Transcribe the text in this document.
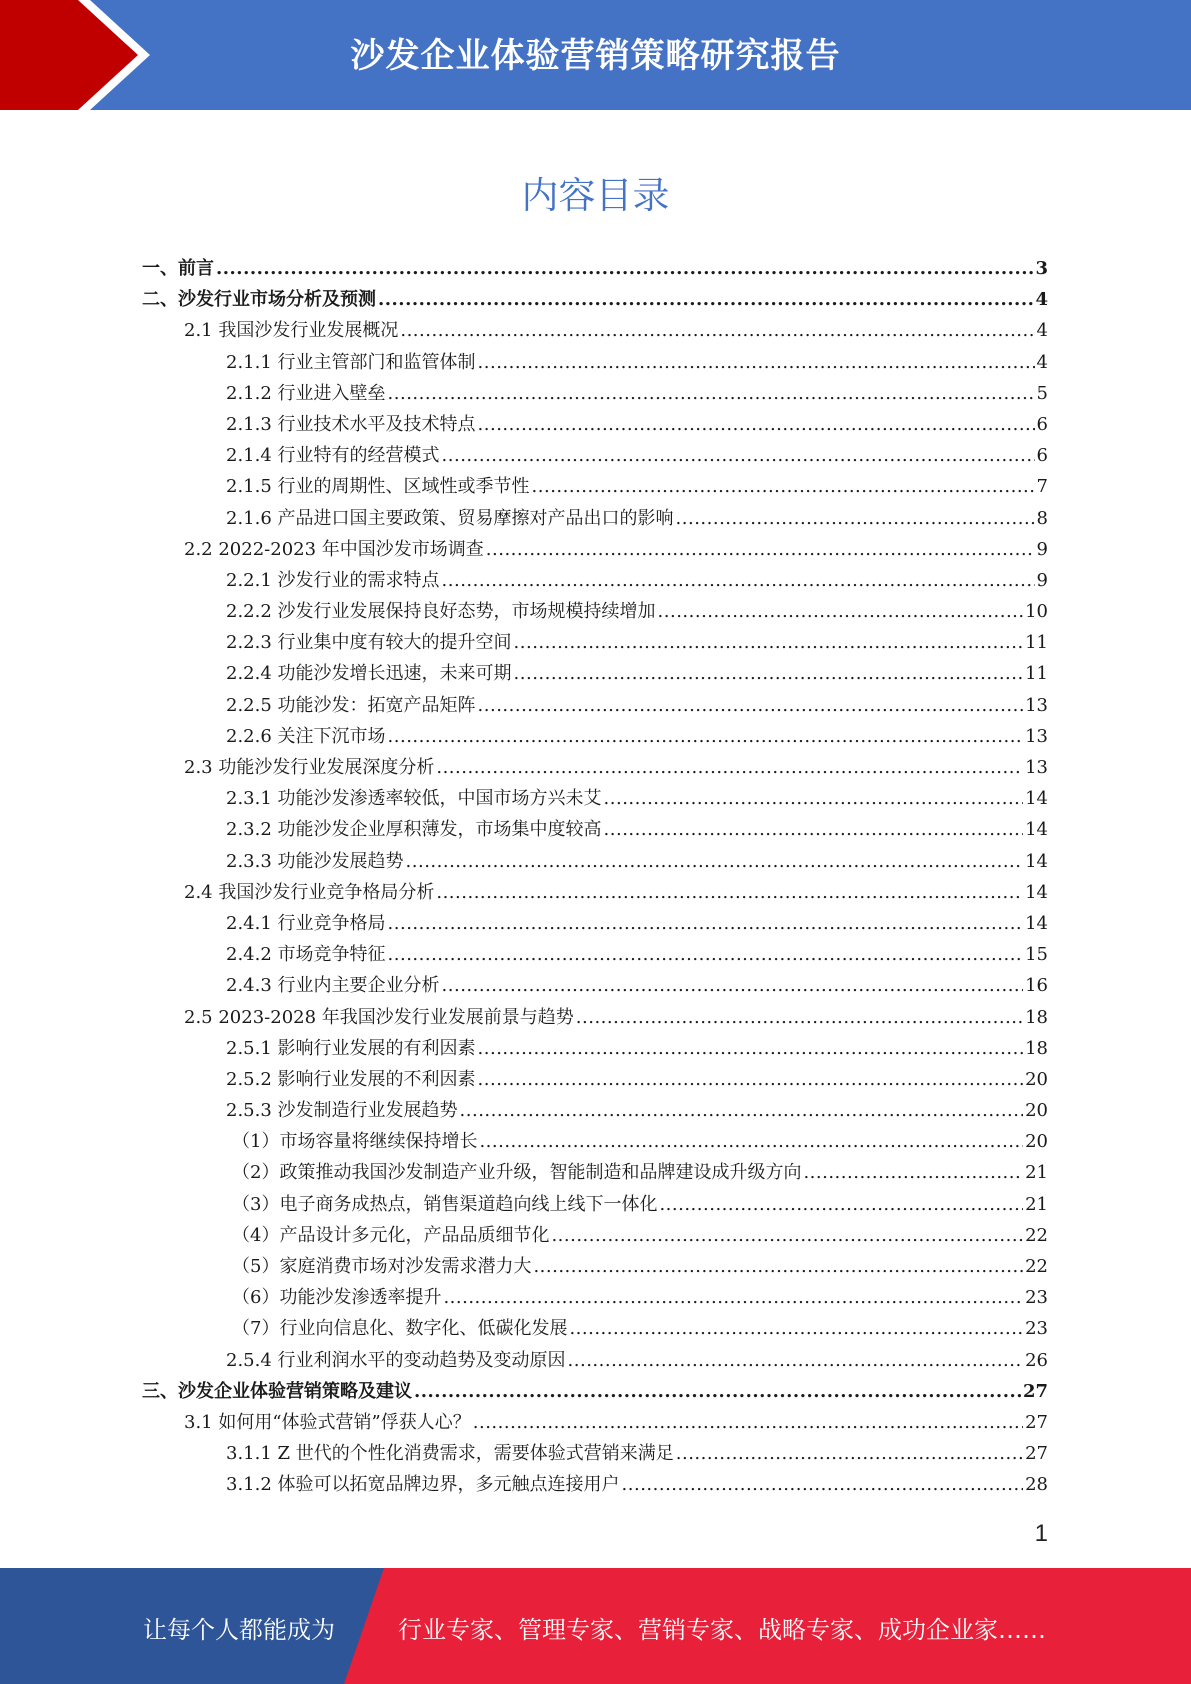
沙发企业体验营销策略研究报告
内容目录
一、前言 .....	3
二、沙发行业市场分析及预测 .....	4
2.1 我国沙发行业发展概况 .....	4
2.1.1 行业主管部门和监管体制 .....	4
2.1.2 行业进入壁垒 .....	5
2.1.3 行业技术水平及技术特点 .....	6
2.1.4 行业特有的经营模式 .....	6
2.1.5 行业的周期性、区域性或季节性 .....	7
2.1.6 产品进口国主要政策、贸易摩擦对产品出口的影响 .....	8
2.2 2022-2023 年中国沙发市场调查 .....	9
2.2.1 沙发行业的需求特点 .....	9
2.2.2 沙发行业发展保持良好态势，市场规模持续增加 .....	10
2.2.3 行业集中度有较大的提升空间 .....	11
2.2.4 功能沙发增长迅速，未来可期 .....	11
2.2.5 功能沙发：拓宽产品矩阵 .....	13
2.2.6 关注下沉市场 .....	13
2.3 功能沙发行业发展深度分析 .....	13
2.3.1 功能沙发渗透率较低，中国市场方兴未艾 .....	14
2.3.2 功能沙发企业厚积薄发，市场集中度较高 .....	14
2.3.3 功能沙发展趋势 .....	14
2.4 我国沙发行业竞争格局分析 .....	14
2.4.1 行业竞争格局 .....	14
2.4.2 市场竞争特征 .....	15
2.4.3 行业内主要企业分析 .....	16
2.5 2023-2028 年我国沙发行业发展前景与趋势 .....	18
2.5.1 影响行业发展的有利因素 .....	18
2.5.2 影响行业发展的不利因素 .....	20
2.5.3 沙发制造行业发展趋势 .....	20
（1）市场容量将继续保持增长 .....	20
（2）政策推动我国沙发制造产业升级，智能制造和品牌建设成升级方向 .....	21
（3）电子商务成热点，销售渠道趋向线上线下一体化 .....	21
（4）产品设计多元化，产品品质细节化 .....	22
（5）家庭消费市场对沙发需求潜力大 .....	22
（6）功能沙发渗透率提升 .....	23
（7）行业向信息化、数字化、低碳化发展 .....	23
2.5.4 行业利润水平的变动趋势及变动原因 .....	26
三、沙发企业体验营销策略及建议 .....	27
3.1 如何用“体验式营销”俘获人心？ .....	27
3.1.1 Z 世代的个性化消费需求，需要体验式营销来满足 .....	27
3.1.2 体验可以拓宽品牌边界，多元触点连接用户 .....	28
1
让每个人都能成为	行业专家、管理专家、营销专家、战略专家、成功企业家……
